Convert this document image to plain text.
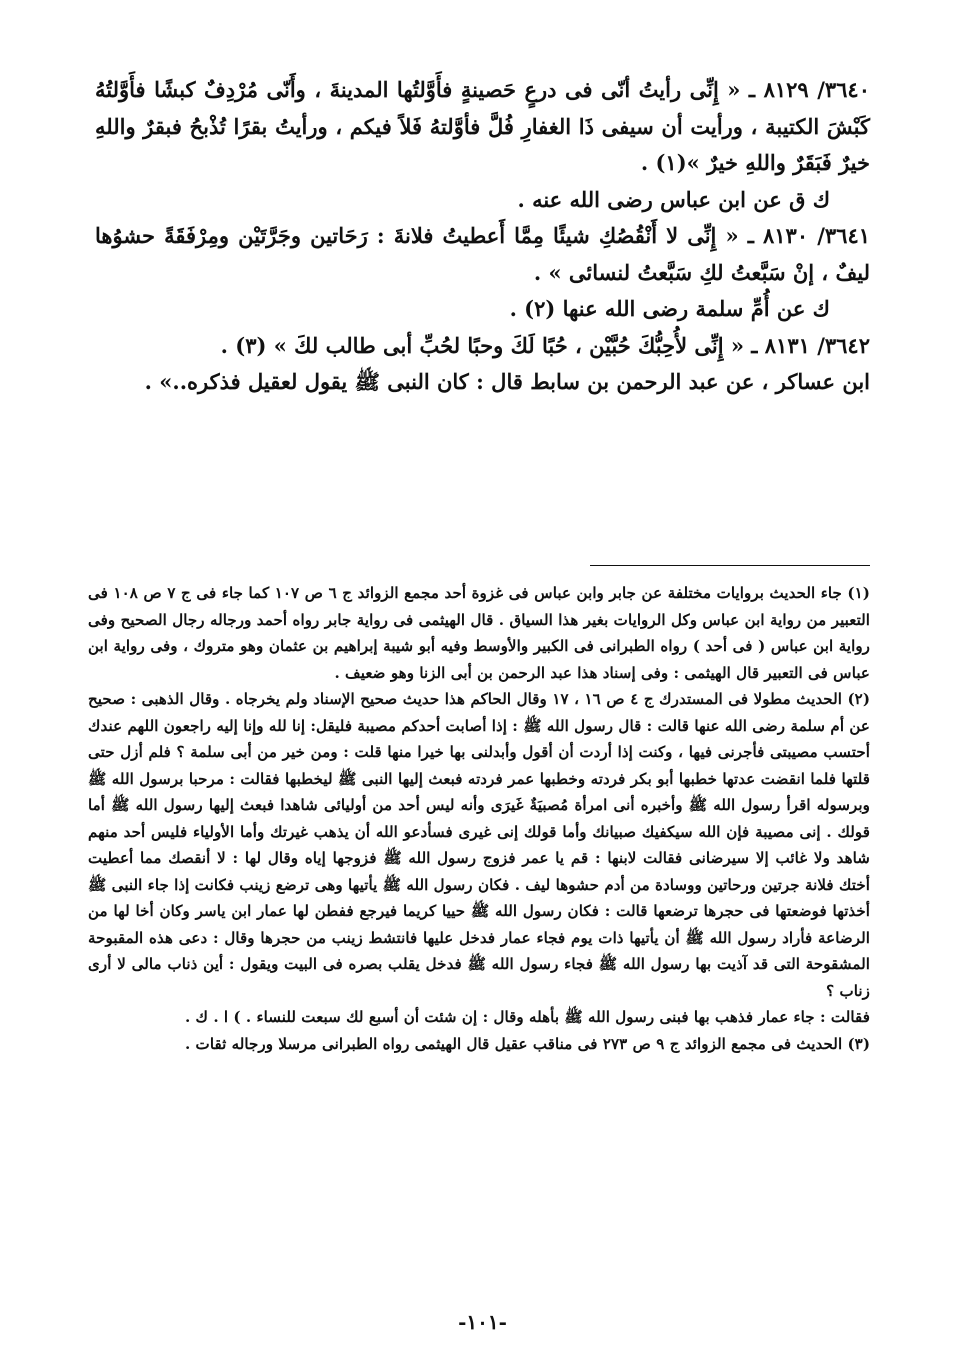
٣٦٤٠/ ٨١٢٩ ـ « إِنِّى رأيتُ أنّى فى درعٍ حَصينةٍ فأَوَّلتُها المدينةَ ، وأَنّى مُرْدِفٌ كبشًا فأَوَّلتُهُ كَبْشَ الكتيبة ، ورأيت أن سيفى ذَا الغفارِ فُلَّ فأوَّلتهُ فَلاً فيكم ، ورأيتُ بقرًا تُذْبحُ فبقرٌ واللهِ خيرٌ فَبَقَرٌ واللهِ خيرٌ »(١) .

ك ق عن ابن عباس رضى الله عنه .

٣٦٤١/ ٨١٣٠ ـ « إِنِّى لا أَنْقُصُكِ شيئًا مِمَّا أَعطيتُ فلانةَ : رَحَاتين وجَرَّتَيْن ومِرْفَقَةً حشوُها ليفٌ ، إنْ سَبَّعتُ لكِ سَبَّعتُ لنسائى » .

ك عن أُمِّ سلمة رضى الله عنها (٢) .

٣٦٤٢/ ٨١٣١ ـ « إِنِّى لأُحِبُّكَ حُبَّيْن ، حُبًا لَكَ وحبًا لحُبِّ أبى طالب لكَ » (٣) .

ابن عساكر ، عن عبد الرحمن بن سابط قال : كان النبى ﷺ يقول لعقيل فذكره..» .

(١) جاء الحديث بروايات مختلفة عن جابر وابن عباس فى غزوة أحد مجمع الزوائد ج ٦ ص ١٠٧ كما جاء فى ج ٧ ص ١٠٨ فى التعبير من رواية ابن عباس وكل الروايات بغير هذا السياق . قال الهيثمى فى رواية جابر رواه أحمد ورجاله رجال الصحيح وفى رواية ابن عباس ( فى أحد ) رواه الطبرانى فى الكبير والأوسط وفيه أبو شيبة إبراهيم بن عثمان وهو متروك ، وفى رواية ابن عباس فى التعبير قال الهيثمى : وفى إسناد هذا عبد الرحمن بن أبى الزنا وهو ضعيف .

(٢) الحديث مطولا فى المستدرك ج ٤ ص ١٦ ، ١٧ وقال الحاكم هذا حديث صحيح الإسناد ولم يخرجاه . وقال الذهبى : صحيح عن أم سلمة رضى الله عنها قالت : قال رسول الله ﷺ : إذا أصابت أحدكم مصيبة فليقل: إنا لله وإنا إليه راجعون اللهم عندك أحتسب مصيبتى فأجرنى فيها ، وكنت إذا أردت أن أقول وأبدلنى بها خيرا منها قلت : ومن خير من أبى سلمة ؟ فلم أزل حتى قلتها فلما انقضت عدتها خطبها أبو بكر فردته وخطبها عمر فردته فبعث إليها النبى ﷺ ليخطبها فقالت : مرحبا برسول الله ﷺ وبرسوله اقرأ رسول الله ﷺ وأخبره أنى امرأة مُصبيَةٌ غَيرَى وأنه ليس أحد من أوليائى شاهدا فبعث إليها رسول الله ﷺ أما قولك . إنى مصيبة فإن الله سيكفيك صبيانك وأما قولك إنى غيرى فسأدعو الله أن يذهب غيرتك وأما الأولياء فليس أحد منهم شاهد ولا غائب إلا سيرضانى فقالت لابنها : قم يا عمر فزوج رسول الله ﷺ فزوجها إياه وقال لها : لا أنقصك مما أعطيت أختك فلانة جرتين ورحاتين ووسادة من أدم حشوها ليف . فكان رسول الله ﷺ يأتيها وهى ترضع زينب فكانت إذا جاء النبى ﷺ أخذتها فوضعتها فى حجرها ترضعها قالت : فكان رسول الله ﷺ حييا كريما فيرجع ففطن لها عمار ابن ياسر وكان أخا لها من الرضاعة فأراد رسول الله ﷺ أن يأتيها ذات يوم فجاء عمار فدخل عليها فانتشط زينب من حجرها وقال : دعى هذه المقبوحة المشقوحة التى قد آذيت بها رسول الله ﷺ فجاء رسول الله ﷺ فدخل يقلب بصره فى البيت ويقول : أين ذناب مالى لا أرى زناب ؟

فقالت : جاء عمار فذهب بها فبنى رسول الله ﷺ بأهله وقال : إن شئت أن أسبع لك سبعت للنساء . ) ا . ك .

(٣) الحديث فى مجمع الزوائد ج ٩ ص ٢٧٣ فى مناقب عقيل قال الهيثمى رواه الطبرانى مرسلا ورجاله ثقات .

-١٠١-
